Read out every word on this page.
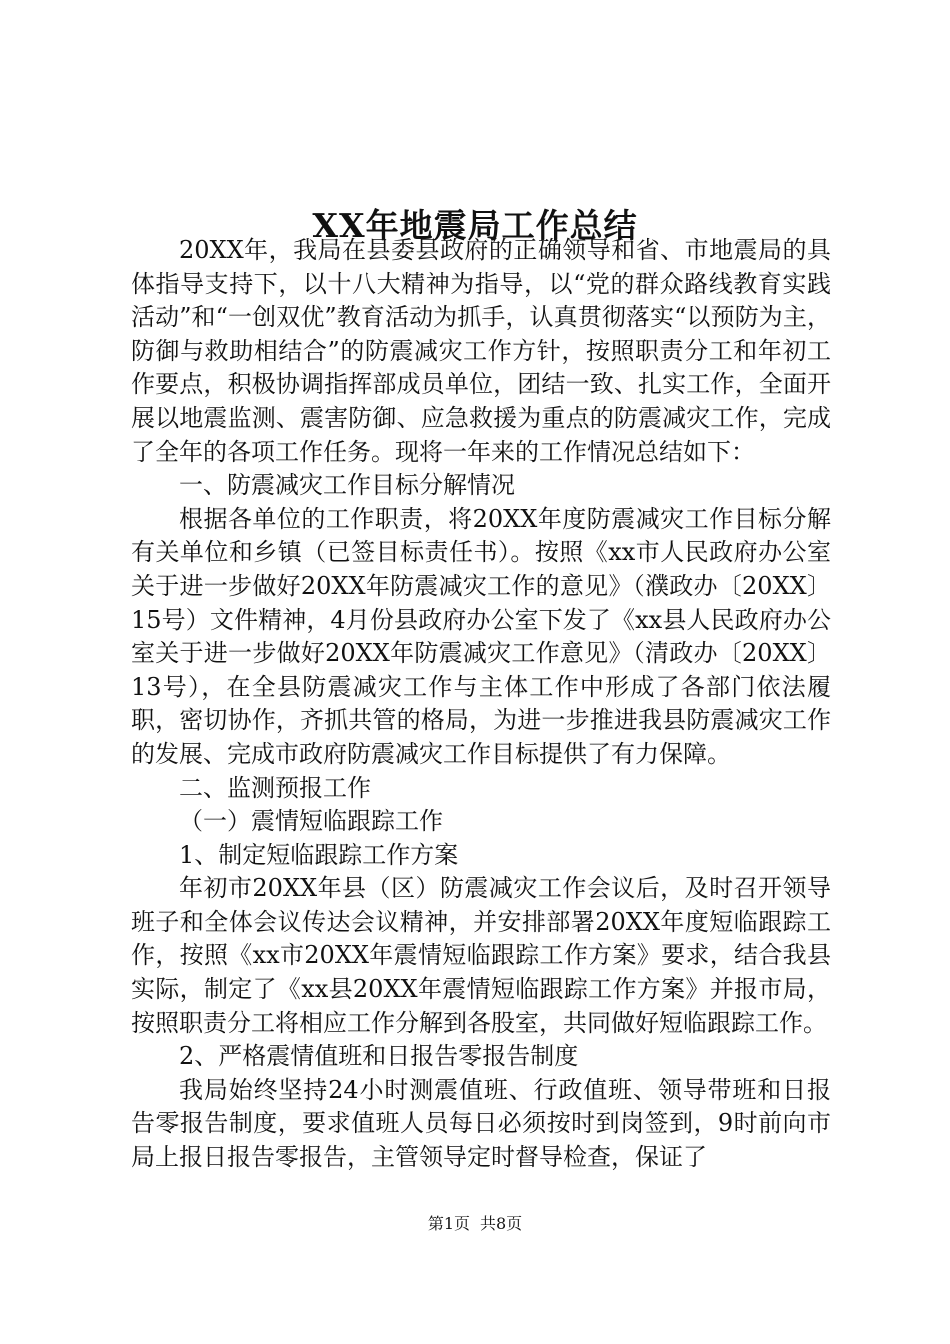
XX年地震局工作总结

20XX年，我局在县委县政府的正确领导和省、市地震局的具体指导支持下，以十八大精神为指导，以“党的群众路线教育实践活动”和“一创双优”教育活动为抓手，认真贯彻落实“以预防为主，防御与救助相结合”的防震减灾工作方针，按照职责分工和年初工作要点，积极协调指挥部成员单位，团结一致、扎实工作，全面开展以地震监测、震害防御、应急救援为重点的防震减灾工作，完成了全年的各项工作任务。现将一年来的工作情况总结如下：

一、防震减灾工作目标分解情况

根据各单位的工作职责，将20XX年度防震减灾工作目标分解有关单位和乡镇（已签目标责任书）。按照《xx市人民政府办公室关于进一步做好20XX年防震减灾工作的意见》（濮政办〔20XX〕15号）文件精神，4月份县政府办公室下发了《xx县人民政府办公室关于进一步做好20XX年防震减灾工作意见》（清政办〔20XX〕13号），在全县防震减灾工作与主体工作中形成了各部门依法履职，密切协作，齐抓共管的格局，为进一步推进我县防震减灾工作的发展、完成市政府防震减灾工作目标提供了有力保障。

二、监测预报工作

（一）震情短临跟踪工作

1、制定短临跟踪工作方案

年初市20XX年县（区）防震减灾工作会议后，及时召开领导班子和全体会议传达会议精神，并安排部署20XX年度短临跟踪工作，按照《xx市20XX年震情短临跟踪工作方案》要求，结合我县实际，制定了《xx县20XX年震情短临跟踪工作方案》并报市局，按照职责分工将相应工作分解到各股室，共同做好短临跟踪工作。

2、严格震情值班和日报告零报告制度

我局始终坚持24小时测震值班、行政值班、领导带班和日报告零报告制度，要求值班人员每日必须按时到岗签到，9时前向市局上报日报告零报告，主管领导定时督导检查，保证了

第1页 共8页
